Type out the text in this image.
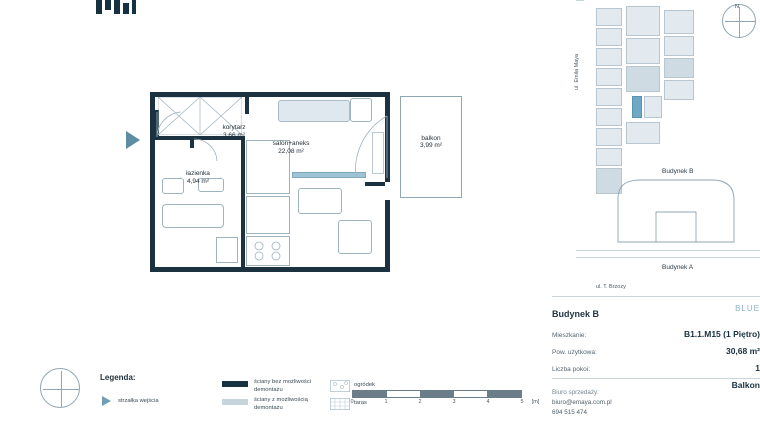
balkon
3,99 m²
korytarz
3,66 m²
salon+aneks
22,08 m²
łazienka
4,94 m²
Legenda:
strzałka wejścia
ściany bez możliwości demontażu
ściany z możliwością demontażu
ogródek
taras
0	1	2	3	4	5 [m]
Budynek B
Budynek A
ul. Emila Maya
ul. T. Brzozy
N
Budynek B
BLUE
Mieszkanie:	B1.1.M15 (1 Piętro)
Pow. użytkowa:	30,68 m²
Liczba pokoi:	1
Balkon
Biuro sprzedaży:
biuro@emaya.com.pl
694 515 474
